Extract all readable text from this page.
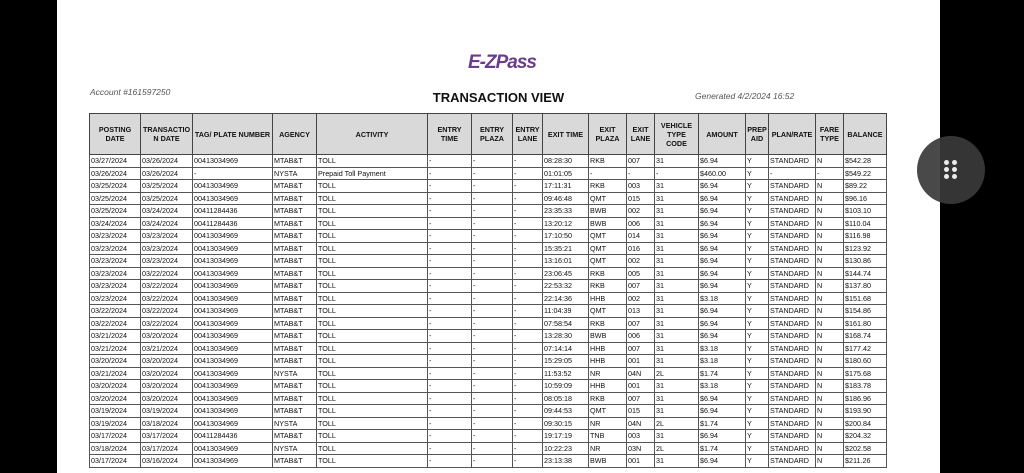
E-ZPass
Account #161597250	TRANSACTION VIEW	Generated 4/2/2024 16:52
POSTING DATE	TRANSACTIO N DATE	TAG/ PLATE NUMBER	AGENCY	ACTIVITY	ENTRY TIME	ENTRY PLAZA	ENTRY LANE	EXIT TIME	EXIT PLAZA	EXIT LANE	VEHICLE TYPE CODE	AMOUNT	PREP AID	PLAN/RATE	FARE TYPE	BALANCE
03/27/2024	03/26/2024	00413034969	MTAB&T	TOLL	-	-	-	08:28:30	RKB	007	31	$6.94	Y	STANDARD	N	$542.28
03/26/2024	03/26/2024	-	NYSTA	Prepaid Toll Payment	-	-	-	01:01:05	-	-	-	$460.00	Y	-	-	$549.22
03/25/2024	03/25/2024	00413034969	MTAB&T	TOLL	-	-	-	17:11:31	RKB	003	31	$6.94	Y	STANDARD	N	$89.22
03/25/2024	03/25/2024	00413034969	MTAB&T	TOLL	-	-	-	09:46:48	QMT	015	31	$6.94	Y	STANDARD	N	$96.16
03/25/2024	03/24/2024	00411284436	MTAB&T	TOLL	-	-	-	23:35:33	BWB	002	31	$6.94	Y	STANDARD	N	$103.10
03/24/2024	03/24/2024	00411284436	MTAB&T	TOLL	-	-	-	13:20:12	BWB	006	31	$6.94	Y	STANDARD	N	$110.04
03/23/2024	03/23/2024	00413034969	MTAB&T	TOLL	-	-	-	17:10:50	QMT	014	31	$6.94	Y	STANDARD	N	$116.98
03/23/2024	03/23/2024	00413034969	MTAB&T	TOLL	-	-	-	15:35:21	QMT	016	31	$6.94	Y	STANDARD	N	$123.92
03/23/2024	03/23/2024	00413034969	MTAB&T	TOLL	-	-	-	13:16:01	QMT	002	31	$6.94	Y	STANDARD	N	$130.86
03/23/2024	03/22/2024	00413034969	MTAB&T	TOLL	-	-	-	23:06:45	RKB	005	31	$6.94	Y	STANDARD	N	$144.74
03/23/2024	03/22/2024	00413034969	MTAB&T	TOLL	-	-	-	22:53:32	RKB	007	31	$6.94	Y	STANDARD	N	$137.80
03/23/2024	03/22/2024	00413034969	MTAB&T	TOLL	-	-	-	22:14:36	HHB	002	31	$3.18	Y	STANDARD	N	$151.68
03/22/2024	03/22/2024	00413034969	MTAB&T	TOLL	-	-	-	11:04:39	QMT	013	31	$6.94	Y	STANDARD	N	$154.86
03/22/2024	03/22/2024	00413034969	MTAB&T	TOLL	-	-	-	07:58:54	RKB	007	31	$6.94	Y	STANDARD	N	$161.80
03/21/2024	03/20/2024	00413034969	MTAB&T	TOLL	-	-	-	13:28:30	BWB	006	31	$6.94	Y	STANDARD	N	$168.74
03/21/2024	03/21/2024	00413034969	MTAB&T	TOLL	-	-	-	07:14:14	HHB	007	31	$3.18	Y	STANDARD	N	$177.42
03/20/2024	03/20/2024	00413034969	MTAB&T	TOLL	-	-	-	15:29:05	HHB	001	31	$3.18	Y	STANDARD	N	$180.60
03/21/2024	03/20/2024	00413034969	NYSTA	TOLL	-	-	-	11:53:52	NR	04N	2L	$1.74	Y	STANDARD	N	$175.68
03/20/2024	03/20/2024	00413034969	MTAB&T	TOLL	-	-	-	10:59:09	HHB	001	31	$3.18	Y	STANDARD	N	$183.78
03/20/2024	03/20/2024	00413034969	MTAB&T	TOLL	-	-	-	08:05:18	RKB	007	31	$6.94	Y	STANDARD	N	$186.96
03/19/2024	03/19/2024	00413034969	MTAB&T	TOLL	-	-	-	09:44:53	QMT	015	31	$6.94	Y	STANDARD	N	$193.90
03/19/2024	03/18/2024	00413034969	NYSTA	TOLL	-	-	-	09:30:15	NR	04N	2L	$1.74	Y	STANDARD	N	$200.84
03/17/2024	03/17/2024	00411284436	MTAB&T	TOLL	-	-	-	19:17:19	TNB	003	31	$6.94	Y	STANDARD	N	$204.32
03/18/2024	03/17/2024	00413034969	NYSTA	TOLL	-	-	-	10:22:23	NR	03N	2L	$1.74	Y	STANDARD	N	$202.58
03/17/2024	03/16/2024	00413034969	MTAB&T	TOLL	-	-	-	23:13:38	BWB	001	31	$6.94	Y	STANDARD	N	$211.26
